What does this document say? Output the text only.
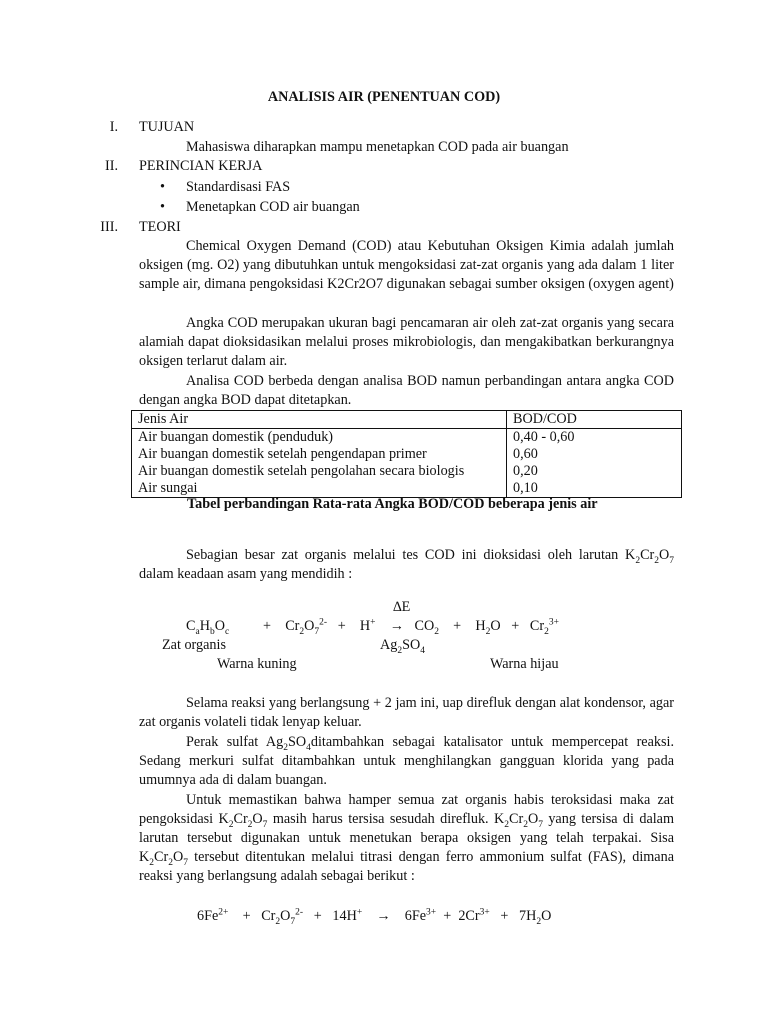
ANALISIS AIR (PENENTUAN COD)
I. TUJUAN
Mahasiswa diharapkan mampu menetapkan COD pada air buangan
II. PERINCIAN KERJA
• Standardisasi FAS
• Menetapkan COD air buangan
III. TEORI
Chemical Oxygen Demand (COD) atau Kebutuhan Oksigen Kimia adalah jumlah oksigen (mg. O2) yang dibutuhkan untuk mengoksidasi zat-zat organis yang ada dalam 1 liter sample air, dimana pengoksidasi K2Cr2O7 digunakan sebagai sumber oksigen (oxygen agent)
Angka COD merupakan ukuran bagi pencamaran air oleh zat-zat organis yang secara alamiah dapat dioksidasikan melalui proses mikrobiologis, dan mengakibatkan berkurangnya oksigen terlarut dalam air.
Analisa COD berbeda dengan analisa BOD namun perbandingan antara angka COD dengan angka BOD dapat ditetapkan.
Jenis Air	BOD/COD
Air buangan domestik (penduduk)	0,40 - 0,60
Air buangan domestik setelah pengendapan primer	0,60
Air buangan domestik setelah pengolahan secara biologis	0,20
Air sungai	0,10
Tabel perbandingan Rata-rata Angka BOD/COD beberapa jenis air
Sebagian besar zat organis melalui tes COD ini dioksidasi oleh larutan $K_2Cr_2O_7$ dalam keadaan asam yang mendidih :
∆E
$C_aH_bO_c$ +    $Cr_2O_7^{2-}$   +    H+    →   $CO_2$    +    $H_2O + Cr_2^{3+}$
Zat organis	$Ag_2SO_4$
Warna kuning	Warna hijau
Selama reaksi yang berlangsung + 2 jam ini, uap direfluk dengan alat kondensor, agar zat organis volateli tidak lenyap keluar.
Perak sulfat $Ag_2SO_4ditambahkan$ sebagai katalisator untuk mempercepat reaksi. Sedang merkuri sulfat ditambahkan untuk menghilangkan gangguan klorida yang pada umumnya ada di dalam buangan.
Untuk memastikan bahwa hamper semua zat organis habis teroksidasi maka zat pengoksidasi $K_2Cr_2O_7$ masih harus tersisa sesudah direfluk. $K_2Cr_2O_7$ yang tersisa di dalam larutan tersebut digunakan untuk menetukan berapa oksigen yang telah terpakai. Sisa $K_2Cr_2O_7$ tersebut ditentukan melalui titrasi dengan ferro ammonium sulfat (FAS), dimana reaksi yang berlangsung adalah sebagai berikut :
$6Fe^{2+}$    +   $Cr_2O_7^{2-} + 14H^+$    →    $6Fe^{3+} + 2Cr^{3+} + 7H_2O$
